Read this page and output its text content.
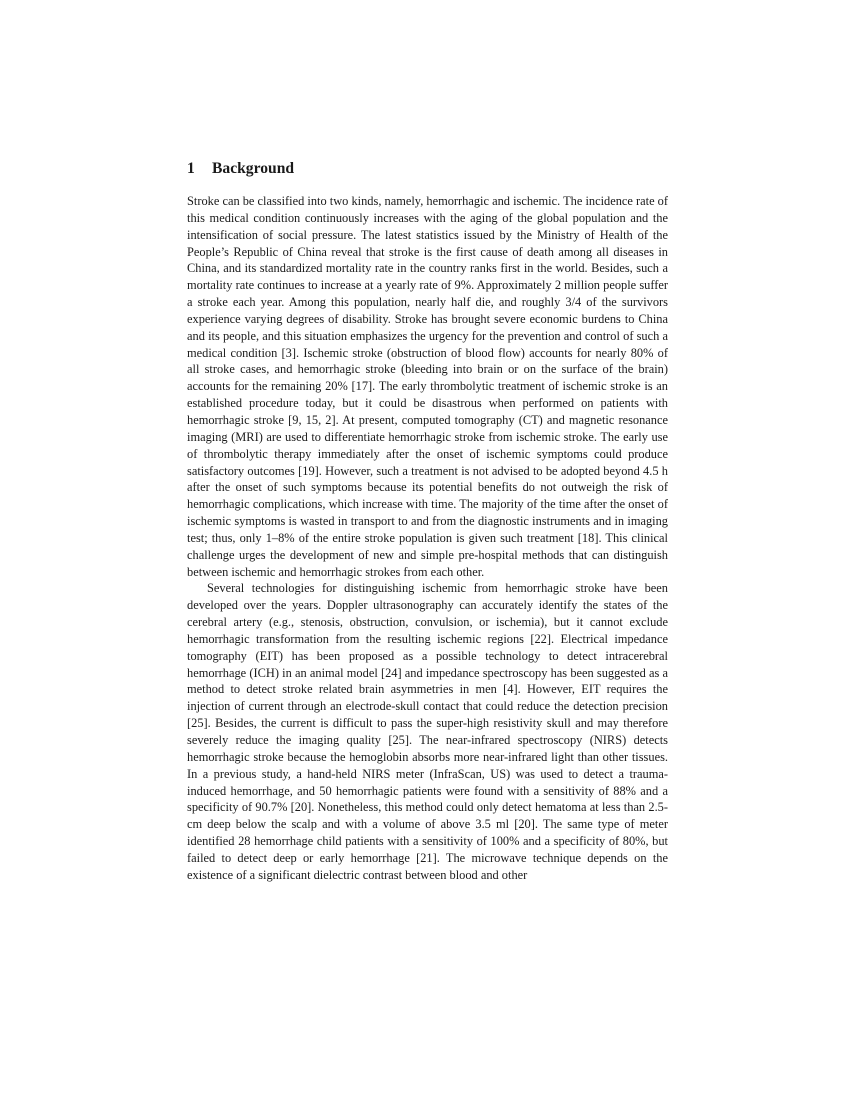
1 Background

Stroke can be classified into two kinds, namely, hemorrhagic and ischemic. The incidence rate of this medical condition continuously increases with the aging of the global population and the intensification of social pressure. The latest statistics issued by the Ministry of Health of the People’s Republic of China reveal that stroke is the first cause of death among all diseases in China, and its standardized mortality rate in the country ranks first in the world. Besides, such a mortality rate continues to increase at a yearly rate of 9%. Approximately 2 million people suffer a stroke each year. Among this population, nearly half die, and roughly 3/4 of the survivors experience varying degrees of disability. Stroke has brought severe economic burdens to China and its people, and this situation emphasizes the urgency for the prevention and control of such a medical condition [3]. Ischemic stroke (obstruction of blood flow) accounts for nearly 80% of all stroke cases, and hemorrhagic stroke (bleeding into brain or on the surface of the brain) accounts for the remaining 20% [17]. The early thrombolytic treatment of ischemic stroke is an established procedure today, but it could be disastrous when performed on patients with hemorrhagic stroke [9, 15, 2]. At present, computed tomography (CT) and magnetic resonance imaging (MRI) are used to differentiate hemorrhagic stroke from ischemic stroke. The early use of thrombolytic therapy immediately after the onset of ischemic symptoms could produce satisfactory outcomes [19]. However, such a treatment is not advised to be adopted beyond 4.5 h after the onset of such symptoms because its potential benefits do not outweigh the risk of hemorrhagic complications, which increase with time. The majority of the time after the onset of ischemic symptoms is wasted in transport to and from the diagnostic instruments and in imaging test; thus, only 1–8% of the entire stroke population is given such treatment [18]. This clinical challenge urges the development of new and simple pre-hospital methods that can distinguish between ischemic and hemorrhagic strokes from each other.

Several technologies for distinguishing ischemic from hemorrhagic stroke have been developed over the years. Doppler ultrasonography can accurately identify the states of the cerebral artery (e.g., stenosis, obstruction, convulsion, or ischemia), but it cannot exclude hemorrhagic transformation from the resulting ischemic regions [22]. Electrical impedance tomography (EIT) has been proposed as a possible technology to detect intracerebral hemorrhage (ICH) in an animal model [24] and impedance spectroscopy has been suggested as a method to detect stroke related brain asymmetries in men [4]. However, EIT requires the injection of current through an electrode-skull contact that could reduce the detection precision [25]. Besides, the current is difficult to pass the super-high resistivity skull and may therefore severely reduce the imaging quality [25]. The near-infrared spectroscopy (NIRS) detects hemorrhagic stroke because the hemoglobin absorbs more near-infrared light than other tissues. In a previous study, a hand-held NIRS meter (InfraScan, US) was used to detect a trauma-induced hemorrhage, and 50 hemorrhagic patients were found with a sensitivity of 88% and a specificity of 90.7% [20]. Nonetheless, this method could only detect hematoma at less than 2.5-cm deep below the scalp and with a volume of above 3.5 ml [20]. The same type of meter identified 28 hemorrhage child patients with a sensitivity of 100% and a specificity of 80%, but failed to detect deep or early hemorrhage [21]. The microwave technique depends on the existence of a significant dielectric contrast between blood and other
